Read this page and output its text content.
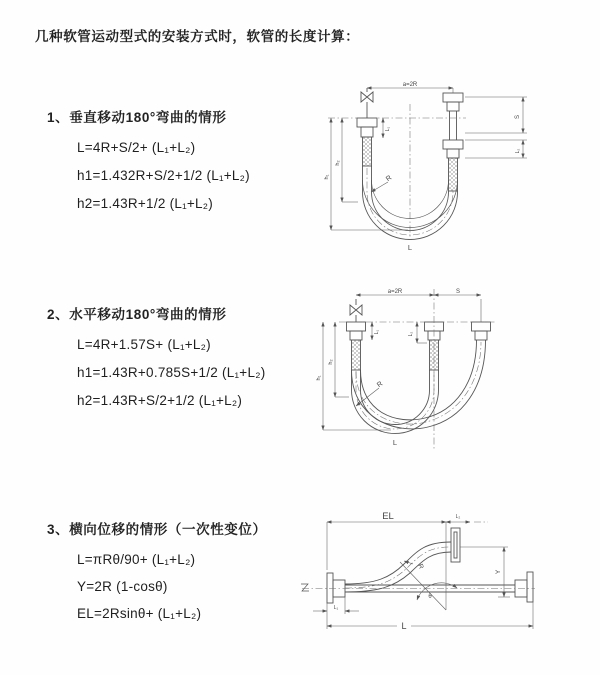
几种软管运动型式的安装方式时，软管的长度计算：
1、垂直移动180°弯曲的情形
L=4R+S/2+ (L₁+L₂)
h1=1.432R+S/2+1/2 (L₁+L₂)
h2=1.43R+1/2 (L₁+L₂)
2、水平移动180°弯曲的情形
L=4R+1.57S+ (L₁+L₂)
h1=1.43R+0.785S+1/2 (L₁+L₂)
h2=1.43R+S/2+1/2 (L₁+L₂)
3、横向位移的情形（一次性变位）
L=πRθ/90+ (L₁+L₂)
Y=2R (1-cosθ)
EL=2Rsinθ+ (L₁+L₂)
a=2R
S
L₂
L₁
h₁
h₂
R
L
a=2R	S
h₁
h₂
L₁	L₂
R
L
EL	L₂
Y
R
θ
L₁
L
